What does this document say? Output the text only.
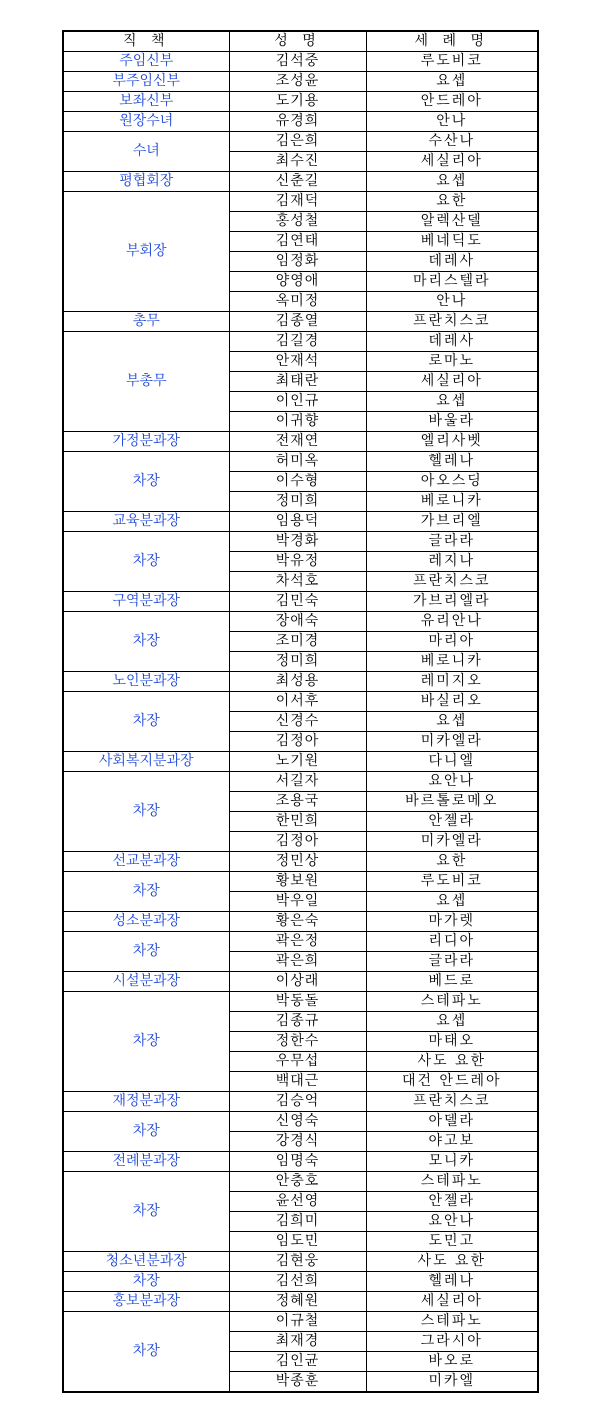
직 책	성 명	세 례 명
주임신부	김석중	루도비코
부주임신부	조성윤	요셉
보좌신부	도기용	안드레아
원장수녀	유경희	안나
수녀	김은희	수산나
	최수진	세실리아
평협회장	신춘길	요셉
부회장	김재덕	요한
	홍성철	알렉산델
	김연태	베네딕도
	임정화	데레사
	양영애	마리스텔라
	옥미정	안나
총무	김종열	프란치스코
부총무	김길경	데레사
	안재석	로마노
	최태란	세실리아
	이인규	요셉
	이귀향	바울라
가정분과장	전재연	엘리사벳
차장	허미옥	헬레나
	이수형	아오스딩
	정미희	베로니카
교육분과장	임용덕	가브리엘
차장	박경화	글라라
	박유정	레지나
	차석호	프란치스코
구역분과장	김민숙	가브리엘라
차장	장애숙	유리안나
	조미경	마리아
	정미희	베로니카
노인분과장	최성용	레미지오
차장	이서후	바실리오
	신경수	요셉
	김정아	미카엘라
사회복지분과장	노기원	다니엘
차장	서길자	요안나
	조용국	바르톨로메오
	한민희	안젤라
	김정아	미카엘라
선교분과장	정민상	요한
차장	황보원	루도비코
	박우일	요셉
성소분과장	황은숙	마가렛
차장	곽은정	리디아
	곽은희	글라라
시설분과장	이상래	베드로
차장	박동돌	스테파노
	김종규	요셉
	정한수	마태오
	우무섭	사도 요한
	백대근	대건 안드레아
재정분과장	김승억	프란치스코
차장	신영숙	아델라
	강경식	야고보
전례분과장	임명숙	모니카
차장	안충호	스테파노
	윤선영	안젤라
	김희미	요안나
	임도민	도민고
청소년분과장	김현웅	사도 요한
차장	김선희	헬레나
홍보분과장	정혜원	세실리아
차장	이규철	스테파노
	최재경	그라시아
	김인균	바오로
	박종훈	미카엘
